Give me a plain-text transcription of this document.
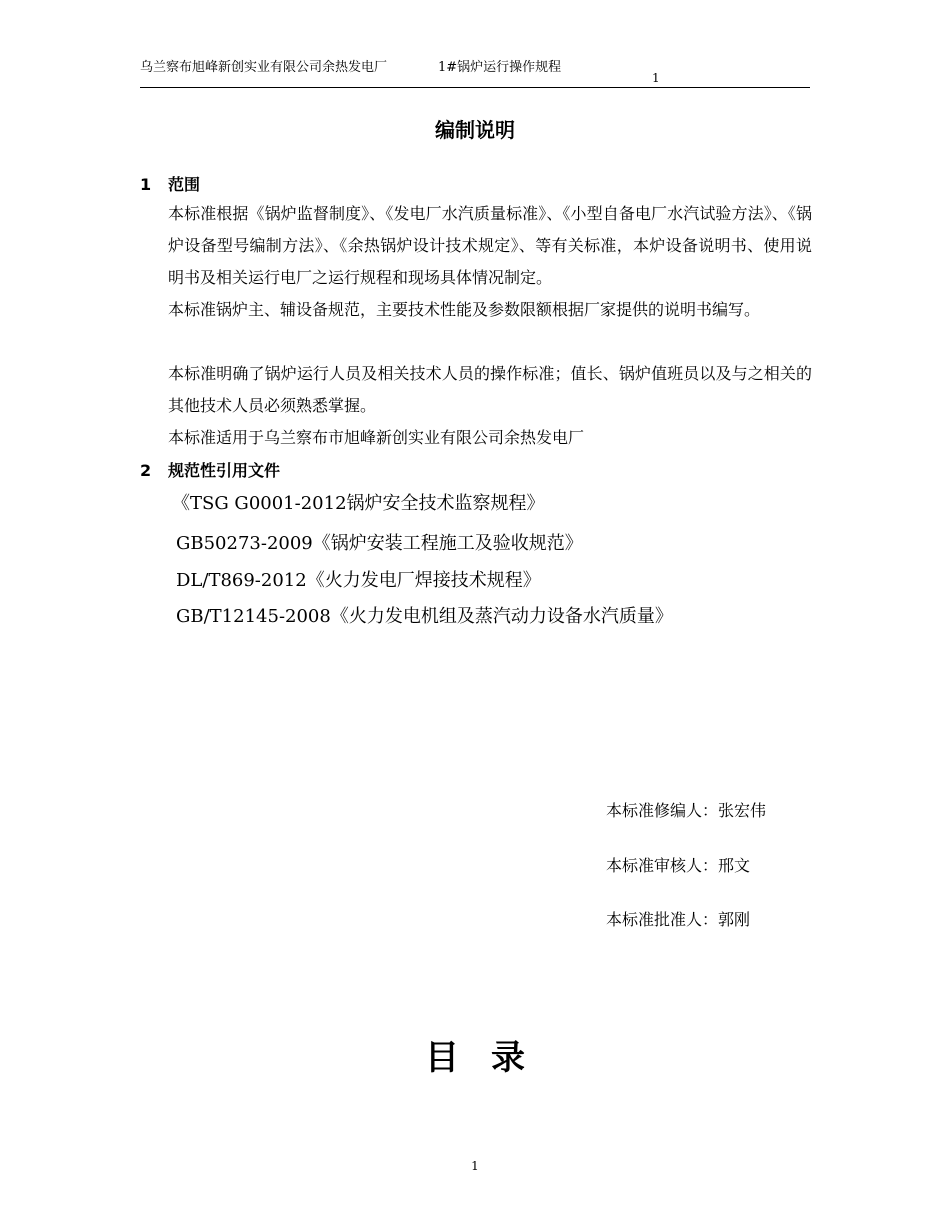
乌兰察布旭峰新创实业有限公司余热发电厂	1#锅炉运行操作规程
1
编制说明
1 范围
本标准根据《锅炉监督制度》、《发电厂水汽质量标准》、《小型自备电厂水汽试验方法》、《锅炉设备型号编制方法》、《余热锅炉设计技术规定》、等有关标准，本炉设备说明书、使用说明书及相关运行电厂之运行规程和现场具体情况制定。
本标准锅炉主、辅设备规范，主要技术性能及参数限额根据厂家提供的说明书编写。
本标准明确了锅炉运行人员及相关技术人员的操作标准；值长、锅炉值班员以及与之相关的其他技术人员必须熟悉掌握。
本标准适用于乌兰察布市旭峰新创实业有限公司余热发电厂
2 规范性引用文件
《TSG G0001-2012锅炉安全技术监察规程》
GB50273-2009《锅炉安装工程施工及验收规范》
DL/T869-2012《火力发电厂焊接技术规程》
GB/T12145-2008《火力发电机组及蒸汽动力设备水汽质量》
本标准修编人：张宏伟
本标准审核人：邢文
本标准批准人：郭刚
目录
1
